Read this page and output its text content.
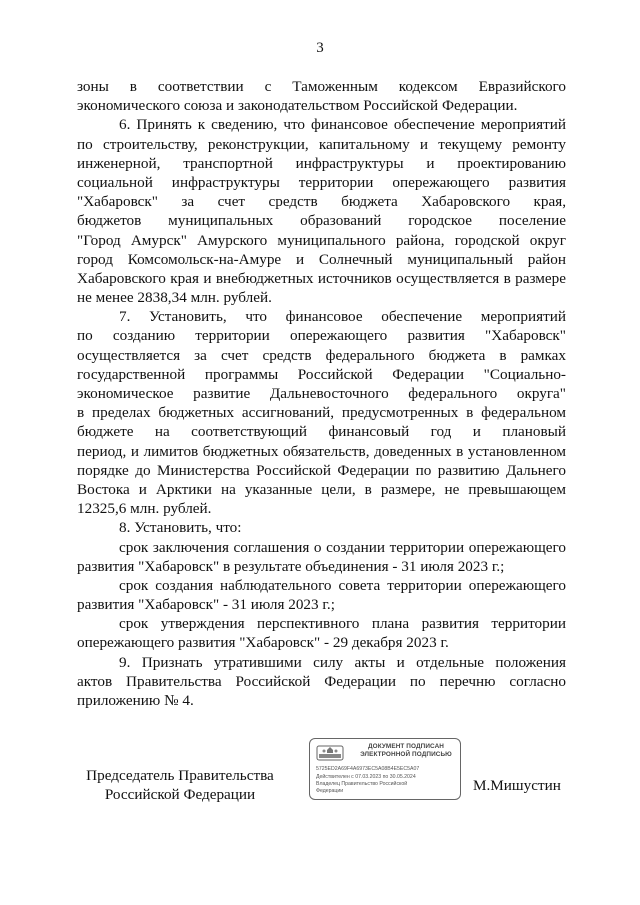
3
зоны в соответствии с Таможенным кодексом Евразийского
экономического союза и законодательством Российской Федерации.
6. Принять к сведению, что финансовое обеспечение мероприятий
по строительству, реконструкции, капитальному и текущему ремонту
инженерной, транспортной инфраструктуры и проектированию
социальной инфраструктуры территории опережающего развития
"Хабаровск" за счет средств бюджета Хабаровского края,
бюджетов муниципальных образований городское поселение
"Город Амурск" Амурского муниципального района, городской округ
город Комсомольск-на-Амуре и Солнечный муниципальный район
Хабаровского края и внебюджетных источников осуществляется в размере
не менее 2838,34 млн. рублей.
7. Установить, что финансовое обеспечение мероприятий
по созданию территории опережающего развития "Хабаровск"
осуществляется за счет средств федерального бюджета в рамках
государственной программы Российской Федерации "Социально-
экономическое развитие Дальневосточного федерального округа"
в пределах бюджетных ассигнований, предусмотренных в федеральном
бюджете на соответствующий финансовый год и плановый
период, и лимитов бюджетных обязательств, доведенных в установленном
порядке до Министерства Российской Федерации по развитию Дальнего
Востока и Арктики на указанные цели, в размере, не превышающем
12325,6 млн. рублей.
8. Установить, что:
срок заключения соглашения о создании территории опережающего
развития "Хабаровск" в результате объединения - 31 июля 2023 г.;
срок создания наблюдательного совета территории опережающего
развития "Хабаровск" - 31 июля 2023 г.;
срок утверждения перспективного плана развития территории
опережающего развития "Хабаровск" - 29 декабря 2023 г.
9. Признать утратившими силу акты и отдельные положения
актов Правительства Российской Федерации по перечню согласно
приложению № 4.
Председатель Правительства
Российской Федерации
ДОКУМЕНТ ПОДПИСАН
ЭЛЕКТРОННОЙ ПОДПИСЬЮ
5725ED2A69F4A6973EC5A08B4E5EC5A07
Действителен с 07.03.2023 по 30.05.2024
Владелец Правительство Российской
Федерации	М.Мишустин
